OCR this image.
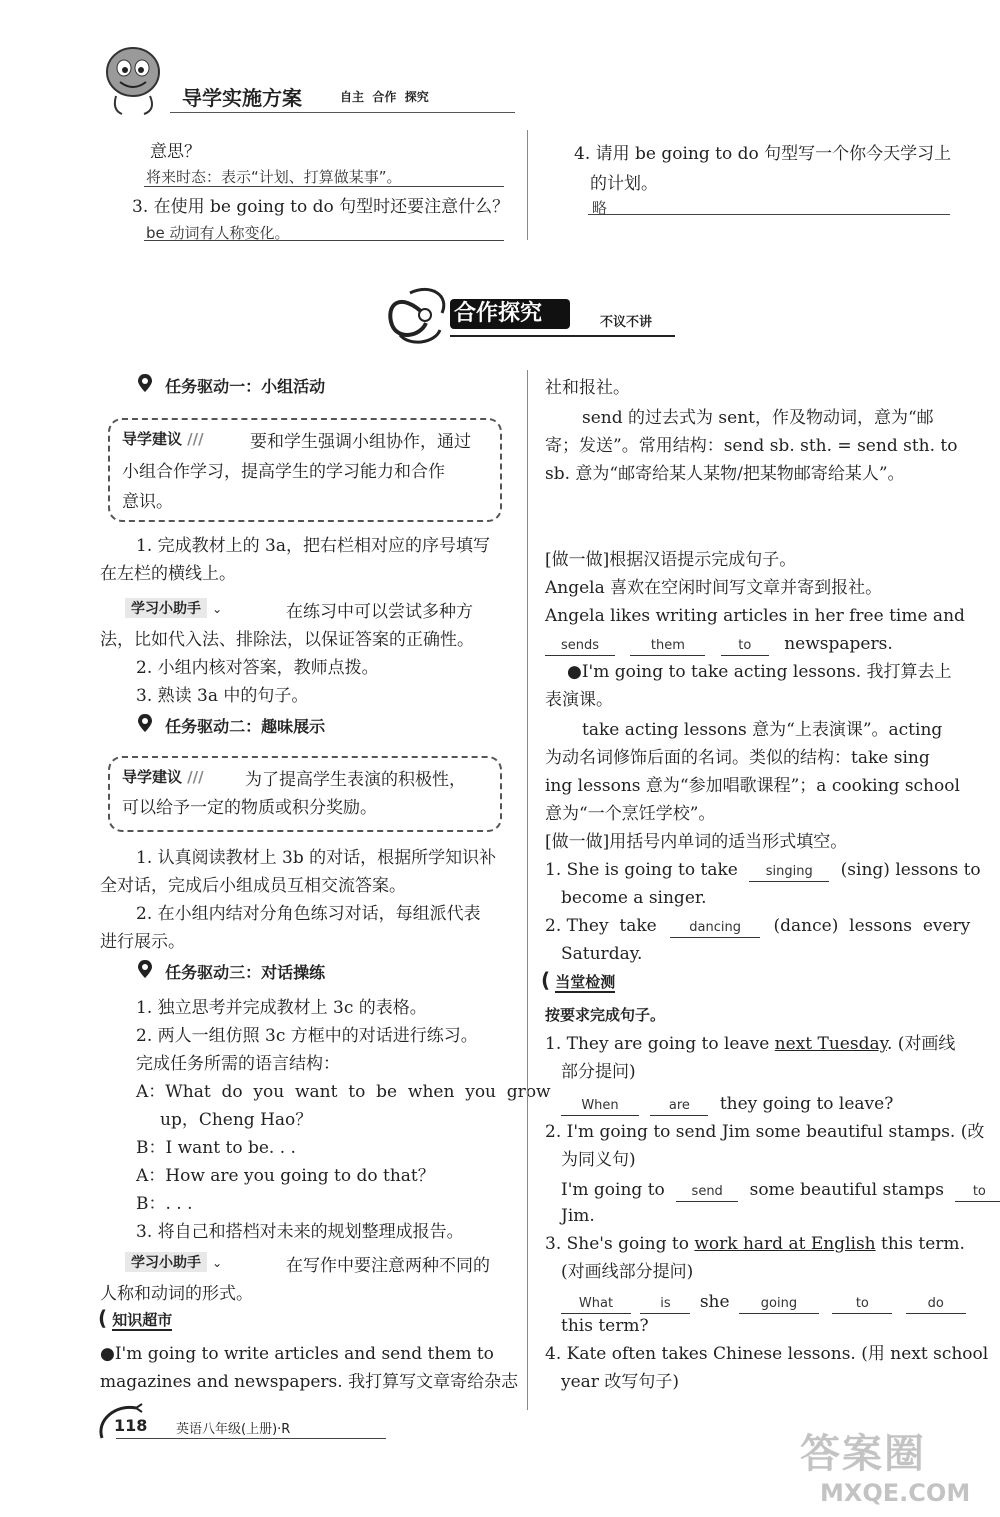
导学实施方案	自主  合作  探究
意思？
将来时态：表示“计划、打算做某事”。
3. 在使用 be going to do 句型时还要注意什么？
be 动词有人称变化。
4. 请用 be going to do 句型写一个你今天学习上
的计划。
略
合作探究	不议不讲
任务驱动一：小组活动
导学建议 ///	要和学生强调小组协作，通过
小组合作学习，提高学生的学习能力和合作
意识。
1. 完成教材上的 3a，把右栏相对应的序号填写
在左栏的横线上。
学习小助手 ⌄	在练习中可以尝试多种方
法，比如代入法、排除法，以保证答案的正确性。
2. 小组内核对答案，教师点拨。
3. 熟读 3a 中的句子。
任务驱动二：趣味展示
导学建议 /// 为了提高学生表演的积极性，
可以给予一定的物质或积分奖励。
1. 认真阅读教材上 3b 的对话，根据所学知识补
全对话，完成后小组成员互相交流答案。
2. 在小组内结对分角色练习对话，每组派代表
进行展示。
任务驱动三：对话操练
1. 独立思考并完成教材上 3c 的表格。
2. 两人一组仿照 3c 方框中的对话进行练习。
完成任务所需的语言结构：
A：What  do  you  want  to  be  when  you  grow
up，Cheng Hao？
B：I want to be. . .
A：How are you going to do that？
B：. . .
3. 将自己和搭档对未来的规划整理成报告。
学习小助手 ⌄	在写作中要注意两种不同的
人称和动词的形式。
( 知识超市
●I'm going to write articles and send them to
magazines and newspapers. 我打算写文章寄给杂志
社和报社。
send 的过去式为 sent，作及物动词，意为“邮
寄；发送”。常用结构：send sb. sth. = send sth. to
sb. 意为“邮寄给某人某物/把某物邮寄给某人”。
[做一做]根据汉语提示完成句子。
Angela 喜欢在空闲时间写文章并寄到报社。
Angela likes writing articles in her free time and
sends	them	to newspapers.
●I'm going to take acting lessons. 我打算去上
表演课。
take acting lessons 意为“上表演课”。acting
为动名词修饰后面的名词。类似的结构：take sing
ing lessons 意为“参加唱歌课程”；a cooking school
意为“一个烹饪学校”。
[做一做]用括号内单词的适当形式填空。
1. She is going to take singing (sing) lessons to
become a singer.
2. They  take	dancing (dance)  lessons  every
Saturday.
( 当堂检测
按要求完成句子。
1. They are going to leave next Tuesday. (对画线
部分提问)
When	are they going to leave?
2. I'm going to send Jim some beautiful stamps. (改
为同义句)
I'm going to send some beautiful stamps to
Jim.
3. She's going to work hard at English this term.
(对画线部分提问)
What	is she going	to	do
this term?
4. Kate often takes Chinese lessons. (用 next school
year 改写句子)
118 英语八年级(上册)·R
答案圈
MXQE.COM
